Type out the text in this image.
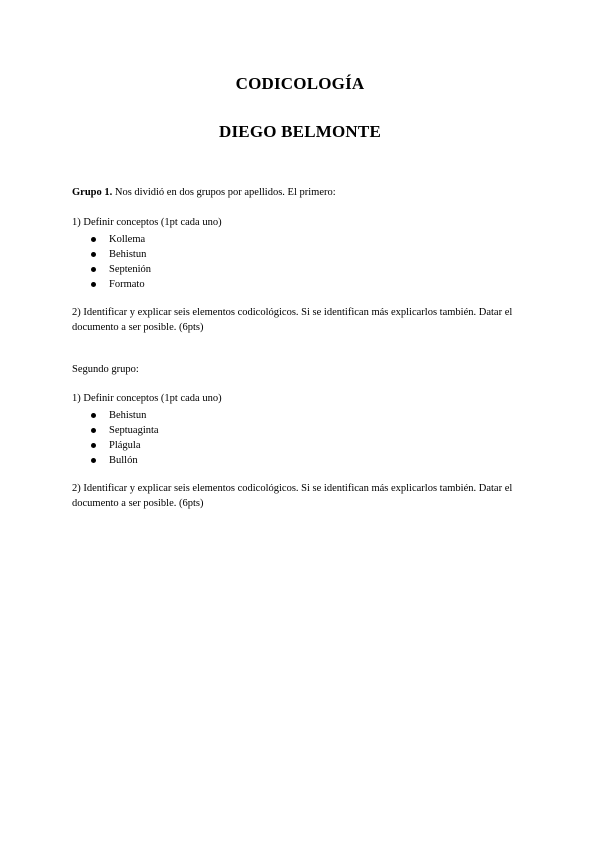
CODICOLOGÍA
DIEGO BELMONTE
Grupo 1. Nos dividió en dos grupos por apellidos. El primero:
1) Definir conceptos (1pt cada uno)
Kollema
Behistun
Septenión
Formato
2) Identificar y explicar seis elementos codicológicos. Si se identifican más explicarlos también. Datar el documento a ser posible. (6pts)
Segundo grupo:
1) Definir conceptos (1pt cada uno)
Behistun
Septuaginta
Plágula
Bullón
2) Identificar y explicar seis elementos codicológicos. Si se identifican más explicarlos también. Datar el documento a ser posible. (6pts)
